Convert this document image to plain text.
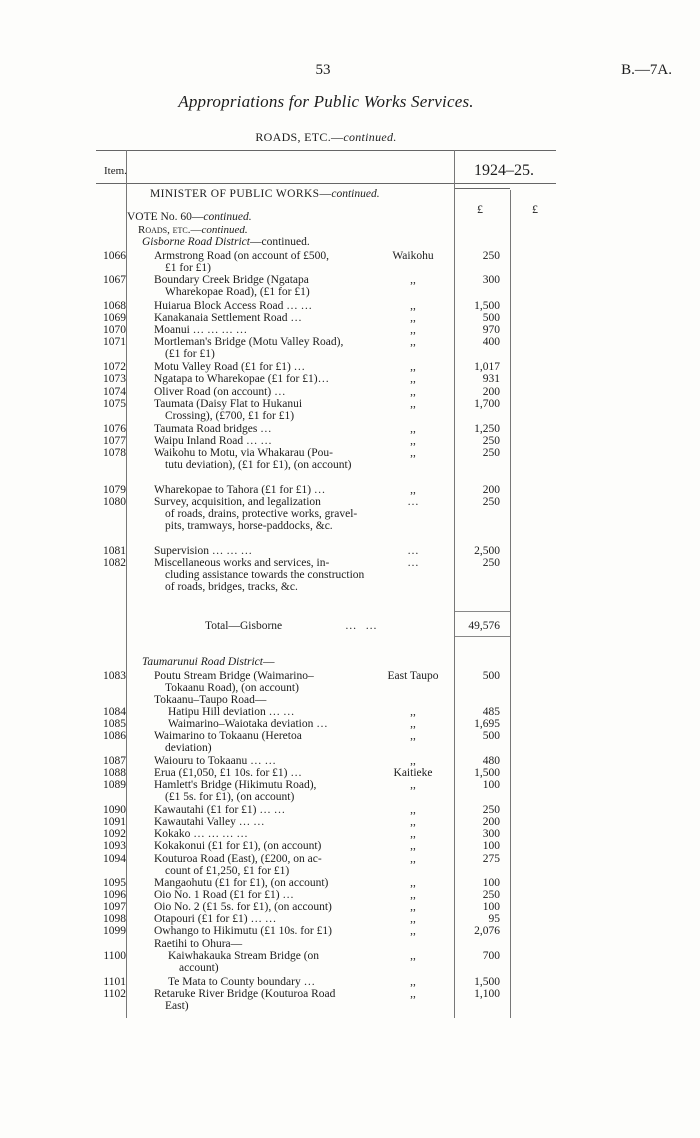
53	B.—7A.
Appropriations for Public Works Services.
ROADS, ETC.—continued.
Item.	1924–25.
£	£
MINISTER OF PUBLIC WORKS—continued.
VOTE No. 60—continued.
Roads, etc.—continued.
Gisborne Road District—continued.
1066 Armstrong Road (on account of £500,
£1 for £1)
Waikohu	250
1067 Boundary Creek Bridge (Ngatapa
Wharekopae Road), (£1 for £1)
,,	300
1068 Huiarua Block Access Road … …	,,	1,500
1069 Kanakanaia Settlement Road …	,,	500
1070 Moanui … … … …	,,	970
1071 Mortleman's Bridge (Motu Valley Road),
(£1 for £1)
,,	400
1072 Motu Valley Road (£1 for £1) …	,,	1,017
1073 Ngatapa to Wharekopae (£1 for £1)…	,,	931
1074 Oliver Road (on account) …	,,	200
1075 Taumata (Daisy Flat to Hukanui
Crossing), (£700, £1 for £1)
,,	1,700
1076 Taumata Road bridges …	,,	1,250
1077 Waipu Inland Road … …	,,	250
1078 Waikohu to Motu, via Whakarau (Pou-
tutu deviation), (£1 for £1), (on account)
,,	250
1079 Wharekopae to Tahora (£1 for £1) …	,,	200
1080 Survey, acquisition, and legalization
of roads, drains, protective works, gravel-pits, tramways, horse-paddocks, &c.
…	250
1081 Supervision … … …	…	2,500
1082 Miscellaneous works and services, in-
cluding assistance towards the construction of roads, bridges, tracks, &c.
…	250
Total—Gisborne	… …	49,576
Taumarunui Road District—
1083 Poutu Stream Bridge (Waimarino–
Tokaanu Road), (on account)
East Taupo	500
Tokaanu–Taupo Road—
1084	Hatipu Hill deviation … …	,,	485
1085	Waimarino–Waiotaka deviation …	,,	1,695
1086 Waimarino to Tokaanu (Heretoa
deviation)
,,	500
1087 Waiouru to Tokaanu … …	,,	480
1088 Erua (£1,050, £1 10s. for £1) …	Kaitieke	1,500
1089 Hamlett's Bridge (Hikimutu Road),
(£1 5s. for £1), (on account)
,,	100
1090 Kawautahi (£1 for £1) … …	,,	250
1091 Kawautahi Valley … …	,,	200
1092 Kokako … … … …	,,	300
1093 Kokakonui (£1 for £1), (on account)	,,	100
1094 Kouturoa Road (East), (£200, on ac-
count of £1,250, £1 for £1)
,,	275
1095 Mangaohutu (£1 for £1), (on account)	,,	100
1096 Oio No. 1 Road (£1 for £1) …	,,	250
1097 Oio No. 2 (£1 5s. for £1), (on account)	,,	100
1098 Otapouri (£1 for £1) … …	,,	95
1099 Owhango to Hikimutu (£1 10s. for £1)	,,	2,076
Raetihi to Ohura—
1100	Kaiwhakauka Stream Bridge (on
account)
,,	700
1101	Te Mata to County boundary …	,,	1,500
1102 Retaruke River Bridge (Kouturoa Road
East)
,,	1,100
